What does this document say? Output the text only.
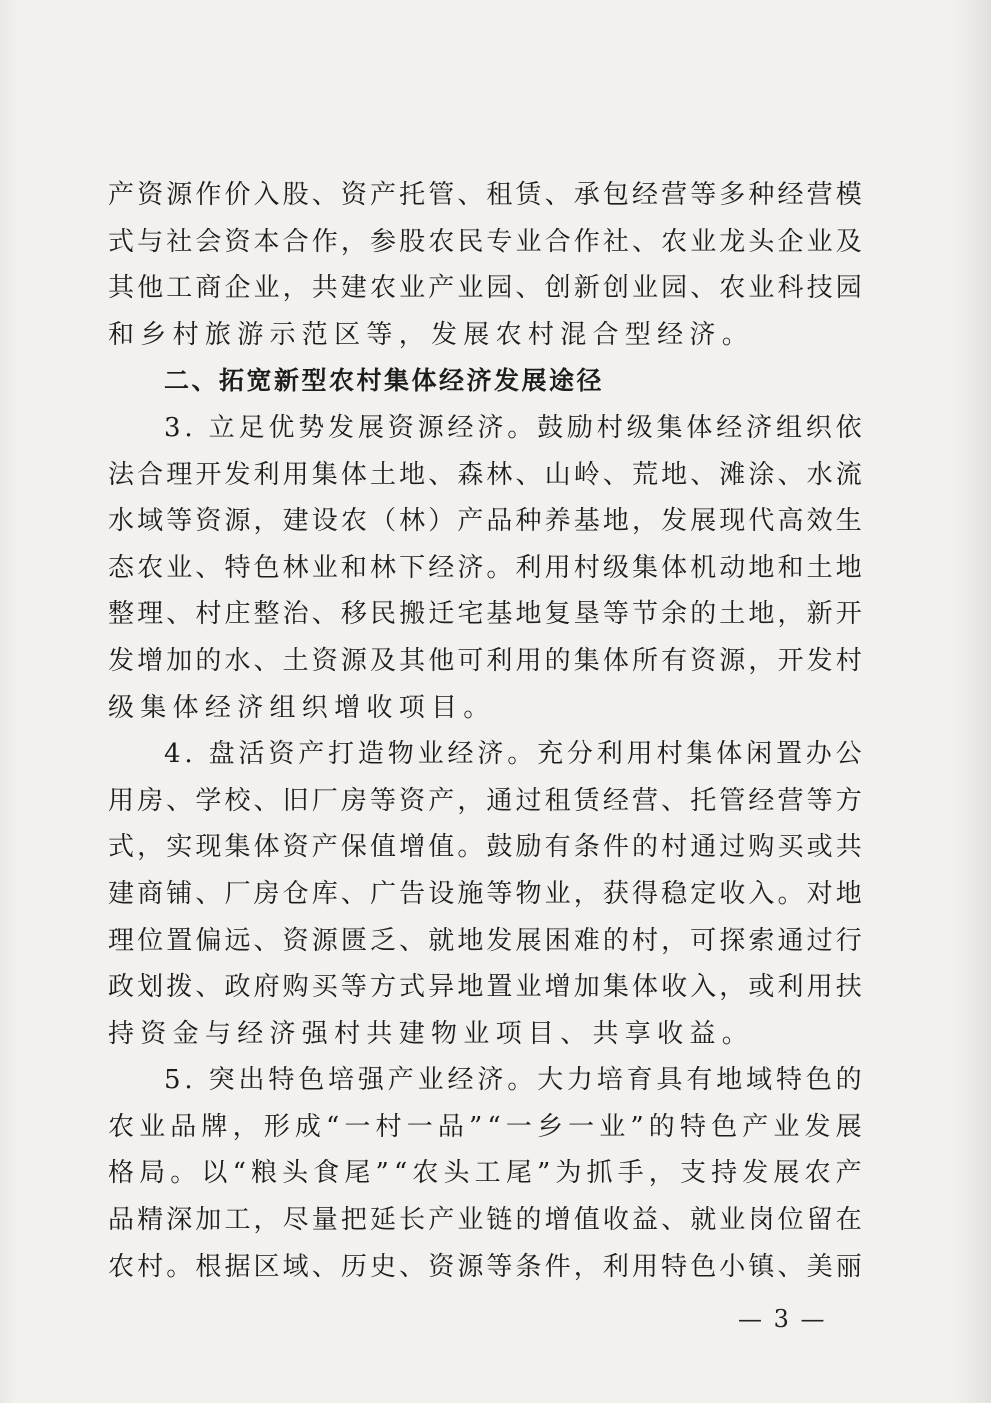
产 资 源 作 价 入 股 、 资 产 托 管 、 租 赁 、 承 包 经 营 等 多 种 经 营 模
式 与 社 会 资 本 合 作 ， 参 股 农 民 专 业 合 作 社 、 农 业 龙 头 企 业 及
其 他 工 商 企 业 ， 共 建 农 业 产 业 园 、 创 新 创 业 园 、 农 业 科 技 园
和乡村旅游示范区等，发展农村混合型经济。
二、拓宽新型农村集体经济发展途径
3 .
立 足 优 势 发 展 资 源 经 济 。 鼓 励 村 级 集 体 经 济 组 织 依
法 合 理 开 发 利 用 集 体 土 地 、 森 林 、 山 岭 、 荒 地 、 滩 涂 、 水 流
水 域 等 资 源 ， 建 设 农 （ 林 ） 产 品 种 养 基 地 ， 发 展 现 代 高 效 生
态 农 业 、 特 色 林 业 和 林 下 经 济 。 利 用 村 级 集 体 机 动 地 和 土 地
整 理 、 村 庄 整 治 、 移 民 搬 迁 宅 基 地 复 垦 等 节 余 的 土 地 ， 新 开
发 增 加 的 水 、 土 资 源 及 其 他 可 利 用 的 集 体 所 有 资 源 ， 开 发 村
级集体经济组织增收项目。
4 .
盘 活 资 产 打 造 物 业 经 济 。 充 分 利 用 村 集 体 闲 置 办 公
用 房 、 学 校 、 旧 厂 房 等 资 产 ， 通 过 租 赁 经 营 、 托 管 经 营 等 方
式 ， 实 现 集 体 资 产 保 值 增 值 。 鼓 励 有 条 件 的 村 通 过 购 买 或 共
建 商 铺 、 厂 房 仓 库 、 广 告 设 施 等 物 业 ， 获 得 稳 定 收 入 。 对 地
理 位 置 偏 远 、 资 源 匮 乏 、 就 地 发 展 困 难 的 村 ， 可 探 索 通 过 行
政 划 拨 、 政 府 购 买 等 方 式 异 地 置 业 增 加 集 体 收 入 ， 或 利 用 扶
持资金与经济强村共建物业项目、共享收益。
5 .
突 出 特 色 培 强 产 业 经 济 。 大 力 培 育 具 有 地 域 特 色 的
农 业 品 牌 ， 形 成 “ 一 村 一 品 ” “ 一 乡 一 业 ” 的 特 色 产 业 发 展
格 局 。 以 “ 粮 头 食 尾 ” “ 农 头 工 尾 ” 为 抓 手 ， 支 持 发 展 农 产
品 精 深 加 工 ， 尽 量 把 延 长 产 业 链 的 增 值 收 益 、 就 业 岗 位 留 在
农 村 。 根 据 区 域 、 历 史 、 资 源 等 条 件 ， 利 用 特 色 小 镇 、 美 丽
— 3 —
